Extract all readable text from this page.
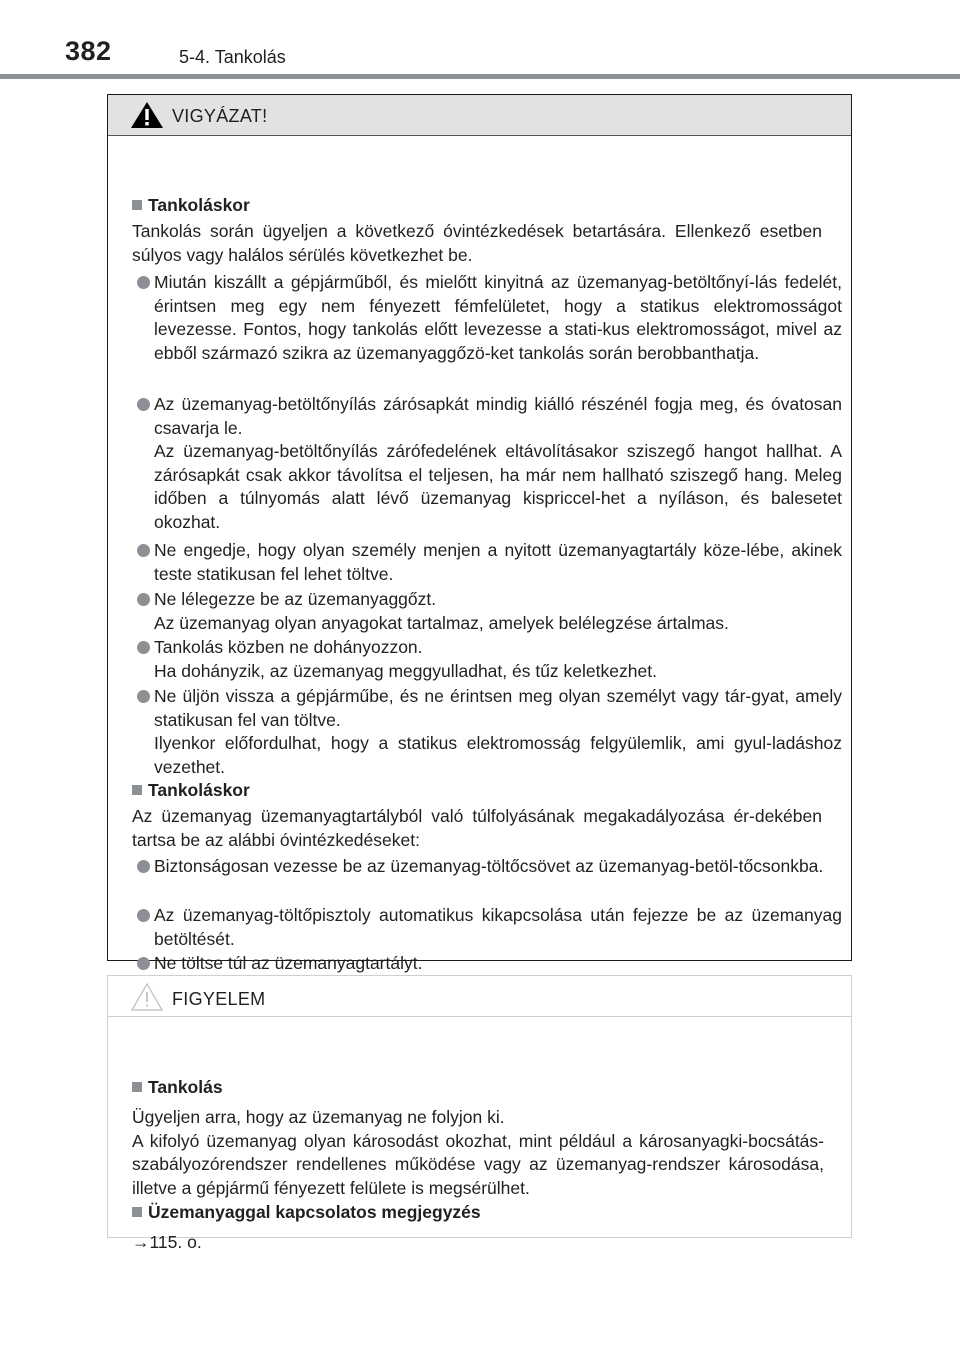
382	5-4. Tankolás
VIGYÁZAT!
Tankoláskor
Tankolás során ügyeljen a következő óvintézkedések betartására. Ellenkező esetben súlyos vagy halálos sérülés következhet be.
Miután kiszállt a gépjárműből, és mielőtt kinyitná az üzemanyag-betöltőnyí-lás fedelét, érintsen meg egy nem fényezett fémfelületet, hogy a statikus elektromosságot levezesse. Fontos, hogy tankolás előtt levezesse a stati-kus elektromosságot, mivel az ebből származó szikra az üzemanyaggőzö-ket tankolás során berobbanthatja.
Az üzemanyag-betöltőnyílás zárósapkát mindig kiálló részénél fogja meg, és óvatosan csavarja le.
Az üzemanyag-betöltőnyílás zárófedelének eltávolításakor sziszegő hangot hallhat. A zárósapkát csak akkor távolítsa el teljesen, ha már nem hallható sziszegő hang. Meleg időben a túlnyomás alatt lévő üzemanyag kispriccel-het a nyíláson, és balesetet okozhat.
Ne engedje, hogy olyan személy menjen a nyitott üzemanyagtartály köze-lébe, akinek teste statikusan fel lehet töltve.
Ne lélegezze be az üzemanyaggőzt.
Az üzemanyag olyan anyagokat tartalmaz, amelyek belélegzése ártalmas.
Tankolás közben ne dohányozzon.
Ha dohányzik, az üzemanyag meggyulladhat, és tűz keletkezhet.
Ne üljön vissza a gépjárműbe, és ne érintsen meg olyan személyt vagy tár-gyat, amely statikusan fel van töltve.
Ilyenkor előfordulhat, hogy a statikus elektromosság felgyülemlik, ami gyul-ladáshoz vezethet.
Tankoláskor
Az üzemanyag üzemanyagtartályból való túlfolyásának megakadályozása ér-dekében tartsa be az alábbi óvintézkedéseket:
Biztonságosan vezesse be az üzemanyag-töltőcsövet az üzemanyag-betöl-tőcsonkba.
Az üzemanyag-töltőpisztoly automatikus kikapcsolása után fejezze be az üzemanyag betöltését.
Ne töltse túl az üzemanyagtartályt.
FIGYELEM
Tankolás
Ügyeljen arra, hogy az üzemanyag ne folyjon ki.
A kifolyó üzemanyag olyan károsodást okozhat, mint például a károsanyagki-bocsátás-szabályozórendszer rendellenes működése vagy az üzemanyag-rendszer károsodása, illetve a gépjármű fényezett felülete is megsérülhet.
Üzemanyaggal kapcsolatos megjegyzés
→115. o.
